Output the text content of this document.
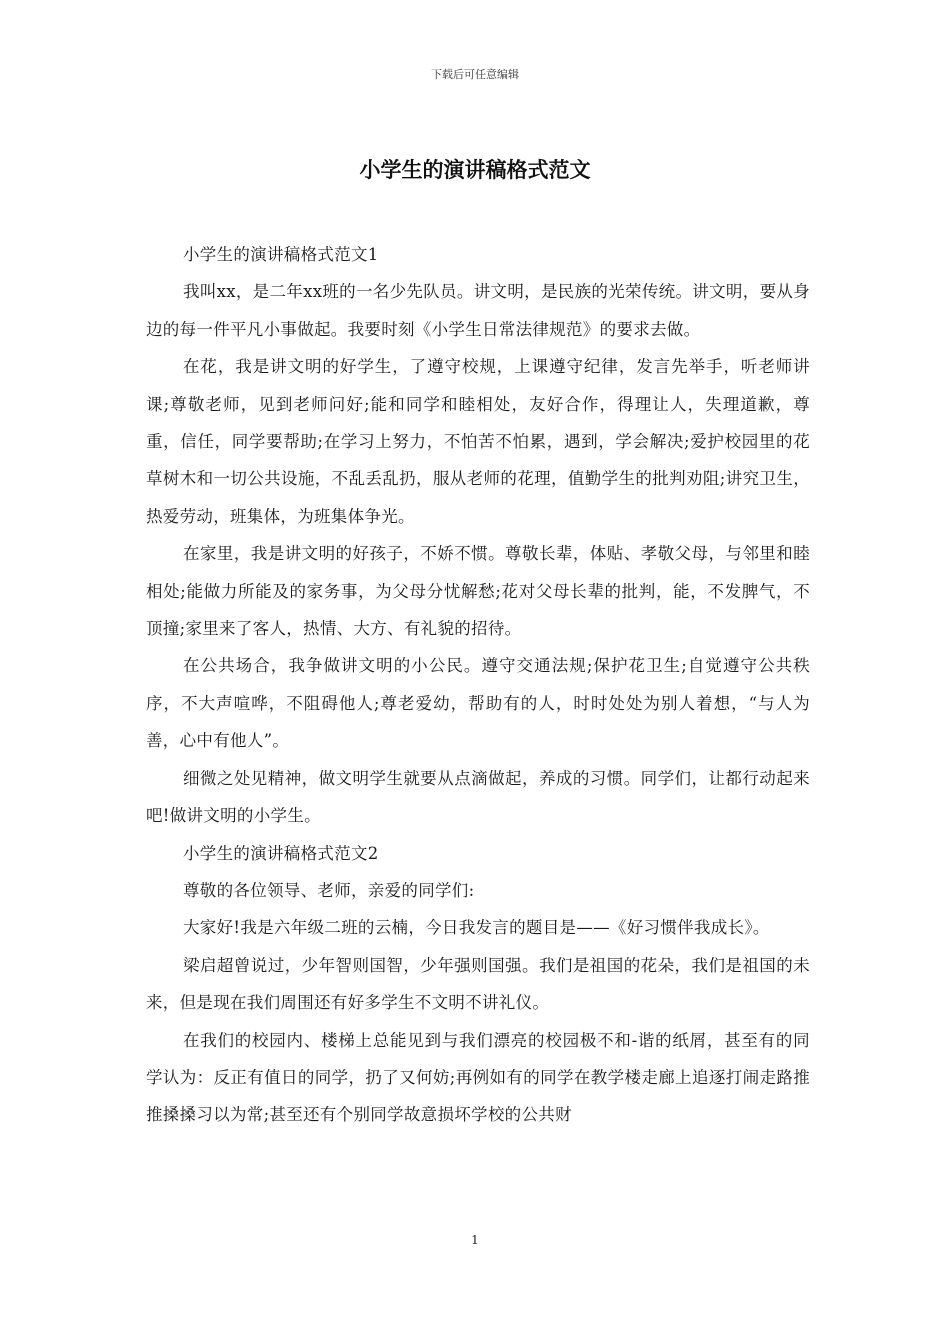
下载后可任意编辑
小学生的演讲稿格式范文

小学生的演讲稿格式范文1

我叫xx，是二年xx班的一名少先队员。讲文明，是民族的光荣传统。讲文明，要从身边的每一件平凡小事做起。我要时刻《小学生日常法律规范》的要求去做。

在花，我是讲文明的好学生，了遵守校规，上课遵守纪律，发言先举手，听老师讲课;尊敬老师，见到老师问好;能和同学和睦相处，友好合作，得理让人，失理道歉，尊重，信任，同学要帮助;在学习上努力，不怕苦不怕累，遇到，学会解决;爱护校园里的花草树木和一切公共设施，不乱丢乱扔，服从老师的花理，值勤学生的批判劝阻;讲究卫生，热爱劳动，班集体，为班集体争光。

在家里，我是讲文明的好孩子，不娇不惯。尊敬长辈，体贴、孝敬父母，与邻里和睦相处;能做力所能及的家务事，为父母分忧解愁;花对父母长辈的批判，能，不发脾气，不顶撞;家里来了客人，热情、大方、有礼貌的招待。

在公共场合，我争做讲文明的小公民。遵守交通法规;保护花卫生;自觉遵守公共秩序，不大声喧哗，不阻碍他人;尊老爱幼，帮助有的人，时时处处为别人着想，“与人为善，心中有他人”。

细微之处见精神，做文明学生就要从点滴做起，养成的习惯。同学们，让都行动起来吧!做讲文明的小学生。

小学生的演讲稿格式范文2

尊敬的各位领导、老师，亲爱的同学们:

大家好!我是六年级二班的云楠，今日我发言的题目是——《好习惯伴我成长》。

梁启超曾说过，少年智则国智，少年强则国强。我们是祖国的花朵，我们是祖国的未来，但是现在我们周围还有好多学生不文明不讲礼仪。

在我们的校园内、楼梯上总能见到与我们漂亮的校园极不和-谐的纸屑，甚至有的同学认为：反正有值日的同学，扔了又何妨;再例如有的同学在教学楼走廊上追逐打闹走路推推搡搡习以为常;甚至还有个别同学故意损坏学校的公共财

1
